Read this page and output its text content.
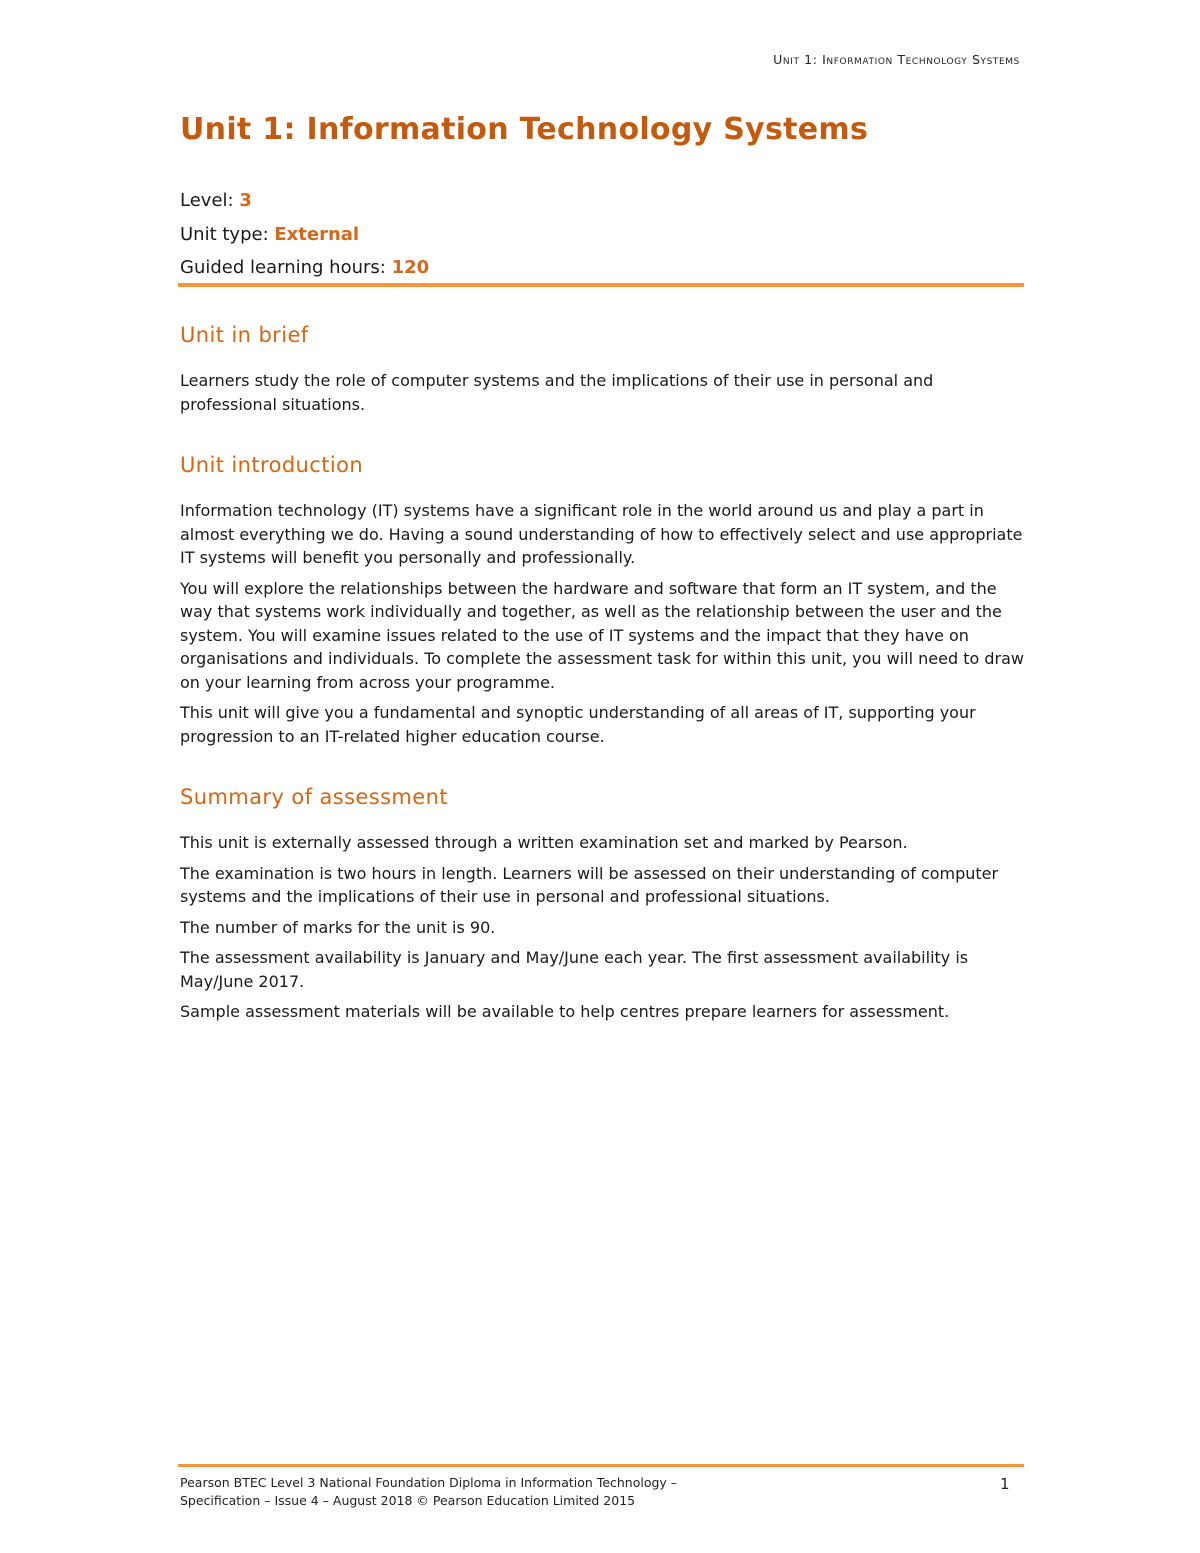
Unit 1: Information Technology Systems
Unit 1: Information Technology Systems
Level: 3
Unit type: External
Guided learning hours: 120
Unit in brief

Learners study the role of computer systems and the implications of their use in personal and professional situations.

Unit introduction

Information technology (IT) systems have a significant role in the world around us and play a part in almost everything we do. Having a sound understanding of how to effectively select and use appropriate IT systems will benefit you personally and professionally.

You will explore the relationships between the hardware and software that form an IT system, and the way that systems work individually and together, as well as the relationship between the user and the system. You will examine issues related to the use of IT systems and the impact that they have on organisations and individuals. To complete the assessment task for within this unit, you will need to draw on your learning from across your programme.

This unit will give you a fundamental and synoptic understanding of all areas of IT, supporting your progression to an IT-related higher education course.

Summary of assessment

This unit is externally assessed through a written examination set and marked by Pearson.

The examination is two hours in length. Learners will be assessed on their understanding of computer systems and the implications of their use in personal and professional situations.

The number of marks for the unit is 90.

The assessment availability is January and May/June each year. The first assessment availability is May/June 2017.

Sample assessment materials will be available to help centres prepare learners for assessment.

Pearson BTEC Level 3 National Foundation Diploma in Information Technology –
Specification – Issue 4 – August 2018 © Pearson Education Limited 2015
1
